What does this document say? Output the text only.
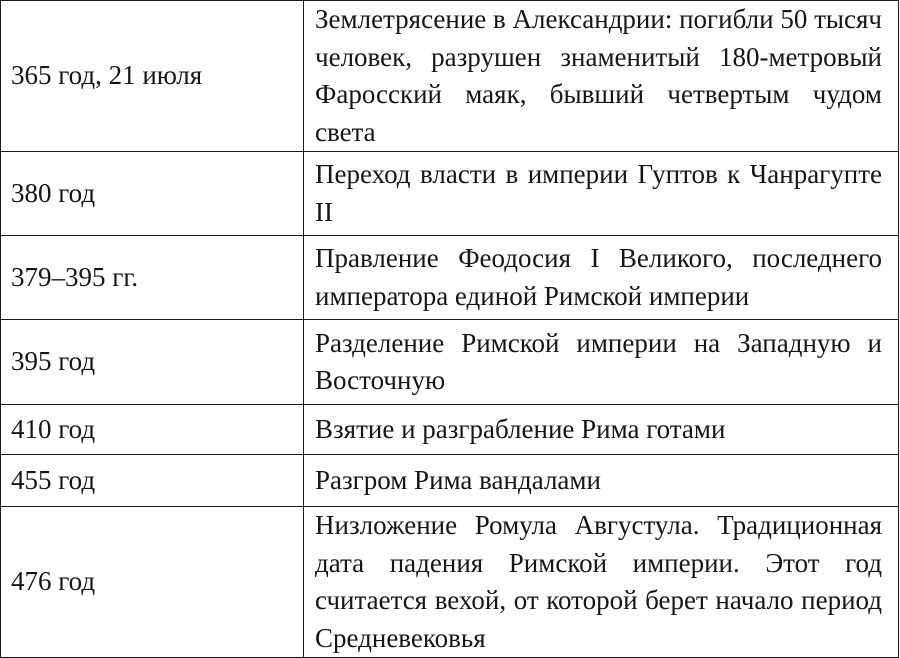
365 год, 21 июля	Землетрясение в Александрии: погибли 50 тысяч человек, разрушен знаменитый 180-метровый Фаросский маяк, бывший четвертым чудом света
380 год	Переход власти в империи Гуптов к Чанрагупте II
379–395 гг.	Правление Феодосия I Великого, последнего императора единой Римской империи
395 год	Разделение Римской империи на Западную и Восточную
410 год	Взятие и разграбление Рима готами
455 год	Разгром Рима вандалами
476 год	Низложение Ромула Августула. Традиционная дата падения Римской империи. Этот год считается вехой, от которой берет начало период Средневековья
